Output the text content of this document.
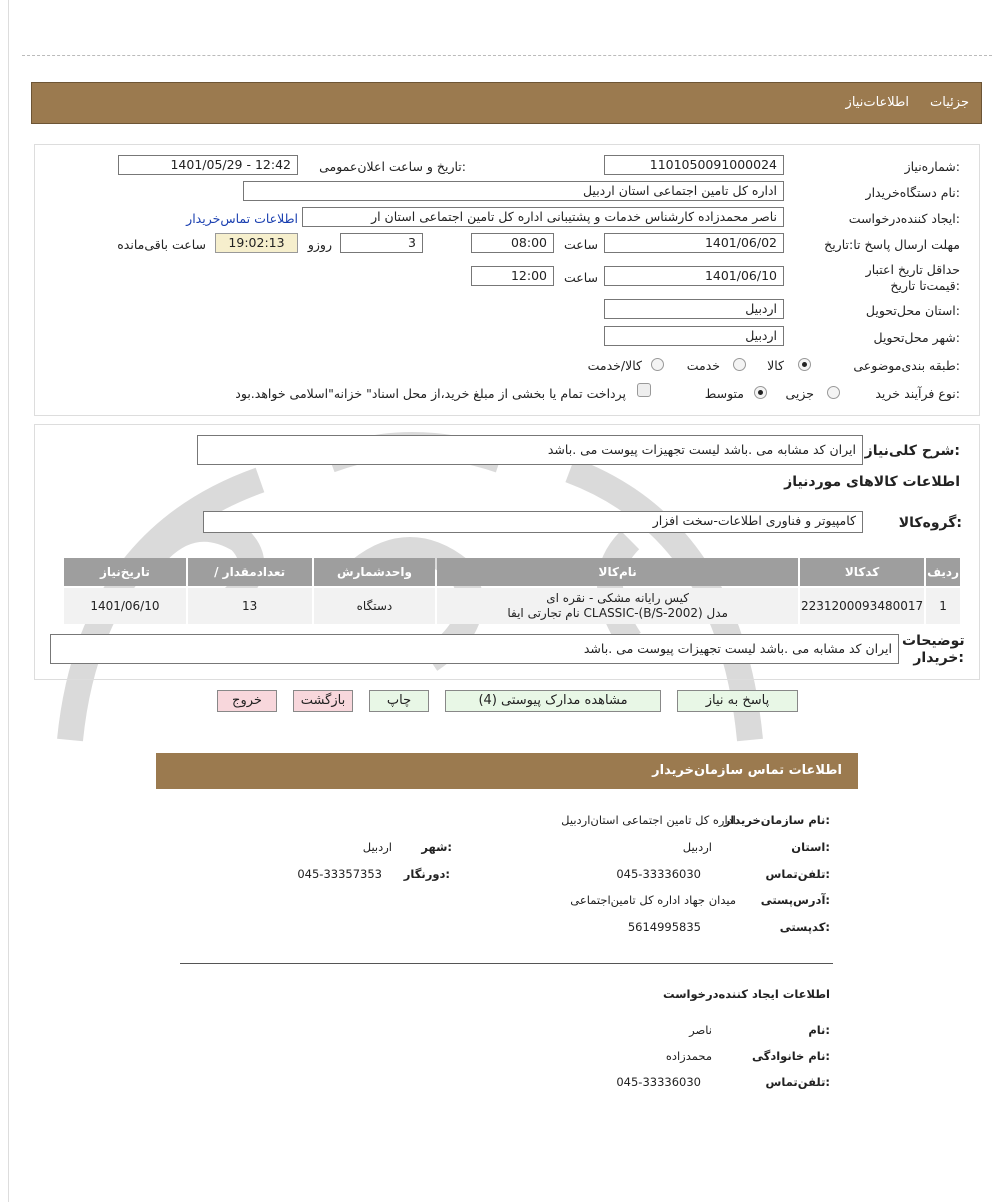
جزئیات
اطلاعات‌نیاز
شماره‌نیاز:
1101050091000024
تاریخ و ساعت اعلان‌عمومی:
1401/05/29 - 12:42
نام دستگاه‌خریدار:
اداره کل تامین اجتماعی استان اردبیل
ایجاد کننده‌درخواست:
ناصر محمدزاده کارشناس خدمات و پشتیبانی اداره کل تامین اجتماعی استان ار
اطلاعات تماس‌خریدار
مهلت ارسال پاسخ تا:تاریخ
1401/06/02
ساعت
08:00
3
روزو
19:02:13
ساعت باقی‌مانده
حداقل تاریخ اعتبار قیمت‌تا تاریخ:
1401/06/10
ساعت
12:00
استان محل‌تحویل:
اردبیل
شهر محل‌تحویل:
اردبیل
طبقه بندی‌موضوعی:
کالا
خدمت
کالا/خدمت
نوع فرآیند:
خرید
جزیی
متوسط
پرداخت تمام یا بخشی از مبلغ خرید،از محل اسناد" خزانه"اسلامی خواهد.بود
شرح کلی‌نیاز:
ایران کد مشابه می .باشد لیست تجهیزات پیوست می .باشد
اطلاعات کالاهای موردنیاز
گروه‌کالا:
کامپیوتر و فناوری اطلاعات-سخت افزار
ردیف	کدکالا	نام‌کالا	واحدشمارش	تعداد‌مقدار /	تاریخ‌نیاز
1	2231200093480017	کیس رایانه مشکی - نقره ای
مدل CLASSIC-(B/S-2002) نام تجارتی ایفا	دستگاه	13	1401/06/10
توضیحات خریدار:
ایران کد مشابه می .باشد لیست تجهیزات پیوست می .باشد
پاسخ به نیاز
مشاهده مدارک پیوستی (4)
چاپ
بازگشت
خروج
اطلاعات تماس سازمان‌خریدار
نام سازمان‌خریدار:
اداره کل تامین اجتماعی استان‌اردبیل
استان:
اردبیل
شهر:
اردبیل
تلفن‌تماس:
045-33336030
دورنگار:
045-33357353
آدرس‌پستی:
میدان جهاد اداره کل تامین‌اجتماعی
کد‌پستی:
5614995835
اطلاعات ایجاد کننده‌درخواست
نام:
ناصر
نام خانوادگی:
محمدزاده
تلفن‌تماس:
045-33336030
